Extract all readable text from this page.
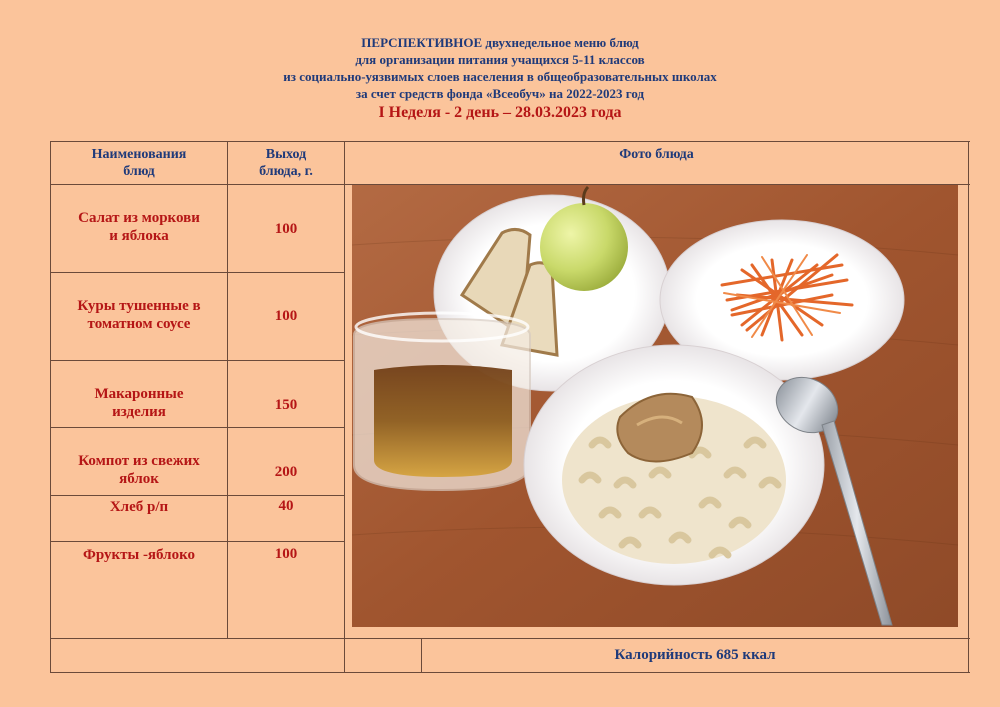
ПЕРСПЕКТИВНОЕ двухнедельное меню блюд
для организации питания учащихся 5-11 классов
из социально-уязвимых слоев населения в общеобразовательных школах
за счет средств фонда «Всеобуч» на 2022-2023 год
I Неделя - 2 день – 28.03.2023 года
Наименования блюд	Выход блюда, г.	Фото блюда

Салат из моркови и яблока	100	

Куры тушенные в томатном соусе	100	

Макаронные изделия	150	

Компот из свежих яблок	200	
Хлеб р/п	40	
Фрукты -яблоко	100	

		Калорийность 685 ккал
